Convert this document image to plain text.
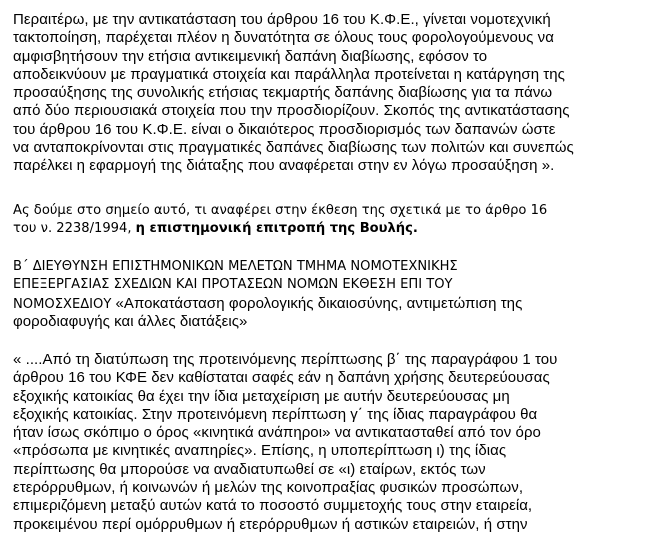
Περαιτέρω, με την αντικατάσταση του άρθρου 16 του Κ.Φ.Ε., γίνεται νομοτεχνική
τακτοποίηση, παρέχεται πλέον η δυνατότητα σε όλους τους φορολογούμενους να
αμφισβητήσουν την ετήσια αντικειμενική δαπάνη διαβίωσης, εφόσον το
αποδεικνύουν με πραγματικά στοιχεία και παράλληλα προτείνεται η κατάργηση της
προσαύξησης της συνολικής ετήσιας τεκμαρτής δαπάνης διαβίωσης για τα πάνω
από δύο περιουσιακά στοιχεία που την προσδιορίζουν. Σκοπός της αντικατάστασης
του άρθρου 16 του Κ.Φ.Ε. είναι ο δικαιότερος προσδιορισμός των δαπανών ώστε
να ανταποκρίνονται στις πραγματικές δαπάνες διαβίωσης των πολιτών και συνεπώς
παρέλκει η εφαρμογή της διάταξης που αναφέρεται στην εν λόγω προσαύξηση ».
Ας δούμε στο σημείο αυτό, τι αναφέρει στην έκθεση της σχετικά με το άρθρο 16
του ν. 2238/1994, η επιστημονική επιτροπή της Βουλής.
Β΄ ΔΙΕΥΘΥΝΣΗ ΕΠΙΣΤΗΜΟΝΙΚΩΝ ΜΕΛΕΤΩΝ ΤΜΗΜΑ ΝΟΜΟΤΕΧΝΙΚΗΣ
ΕΠΕΞΕΡΓΑΣΙΑΣ ΣΧΕΔΙΩΝ ΚΑΙ ΠΡΟΤΑΣΕΩΝ ΝΟΜΩΝ ΕΚΘΕΣΗ ΕΠΙ ΤΟΥ
ΝΟΜΟΣΧΕΔΙΟΥ «Αποκατάσταση φορολογικής δικαιοσύνης, αντιμετώπιση της
φοροδιαφυγής και άλλες διατάξεις»
« ....Από τη διατύπωση της προτεινόμενης περίπτωσης β΄ της παραγράφου 1 του
άρθρου 16 του ΚΦΕ δεν καθίσταται σαφές εάν η δαπάνη χρήσης δευτερεύουσας
εξοχικής κατοικίας θα έχει την ίδια μεταχείριση με αυτήν δευτερεύουσας μη
εξοχικής κατοικίας. Στην προτεινόμενη περίπτωση γ΄ της ίδιας παραγράφου θα
ήταν ίσως σκόπιμο ο όρος «κινητικά ανάπηροι» να αντικατασταθεί από τον όρο
«πρόσωπα με κινητικές αναπηρίες». Επίσης, η υποπερίπτωση ι) της ίδιας
περίπτωσης θα μπορούσε να αναδιατυπωθεί σε «ι) εταίρων, εκτός των
ετερόρρυθμων, ή κοινωνών ή μελών της κοινοπραξίας φυσικών προσώπων,
επιμεριζόμενη μεταξύ αυτών κατά το ποσοστό συμμετοχής τους στην εταιρεία,
προκειμένου περί ομόρρυθμων ή ετερόρρυθμων ή αστικών εταιρειών, ή στην
